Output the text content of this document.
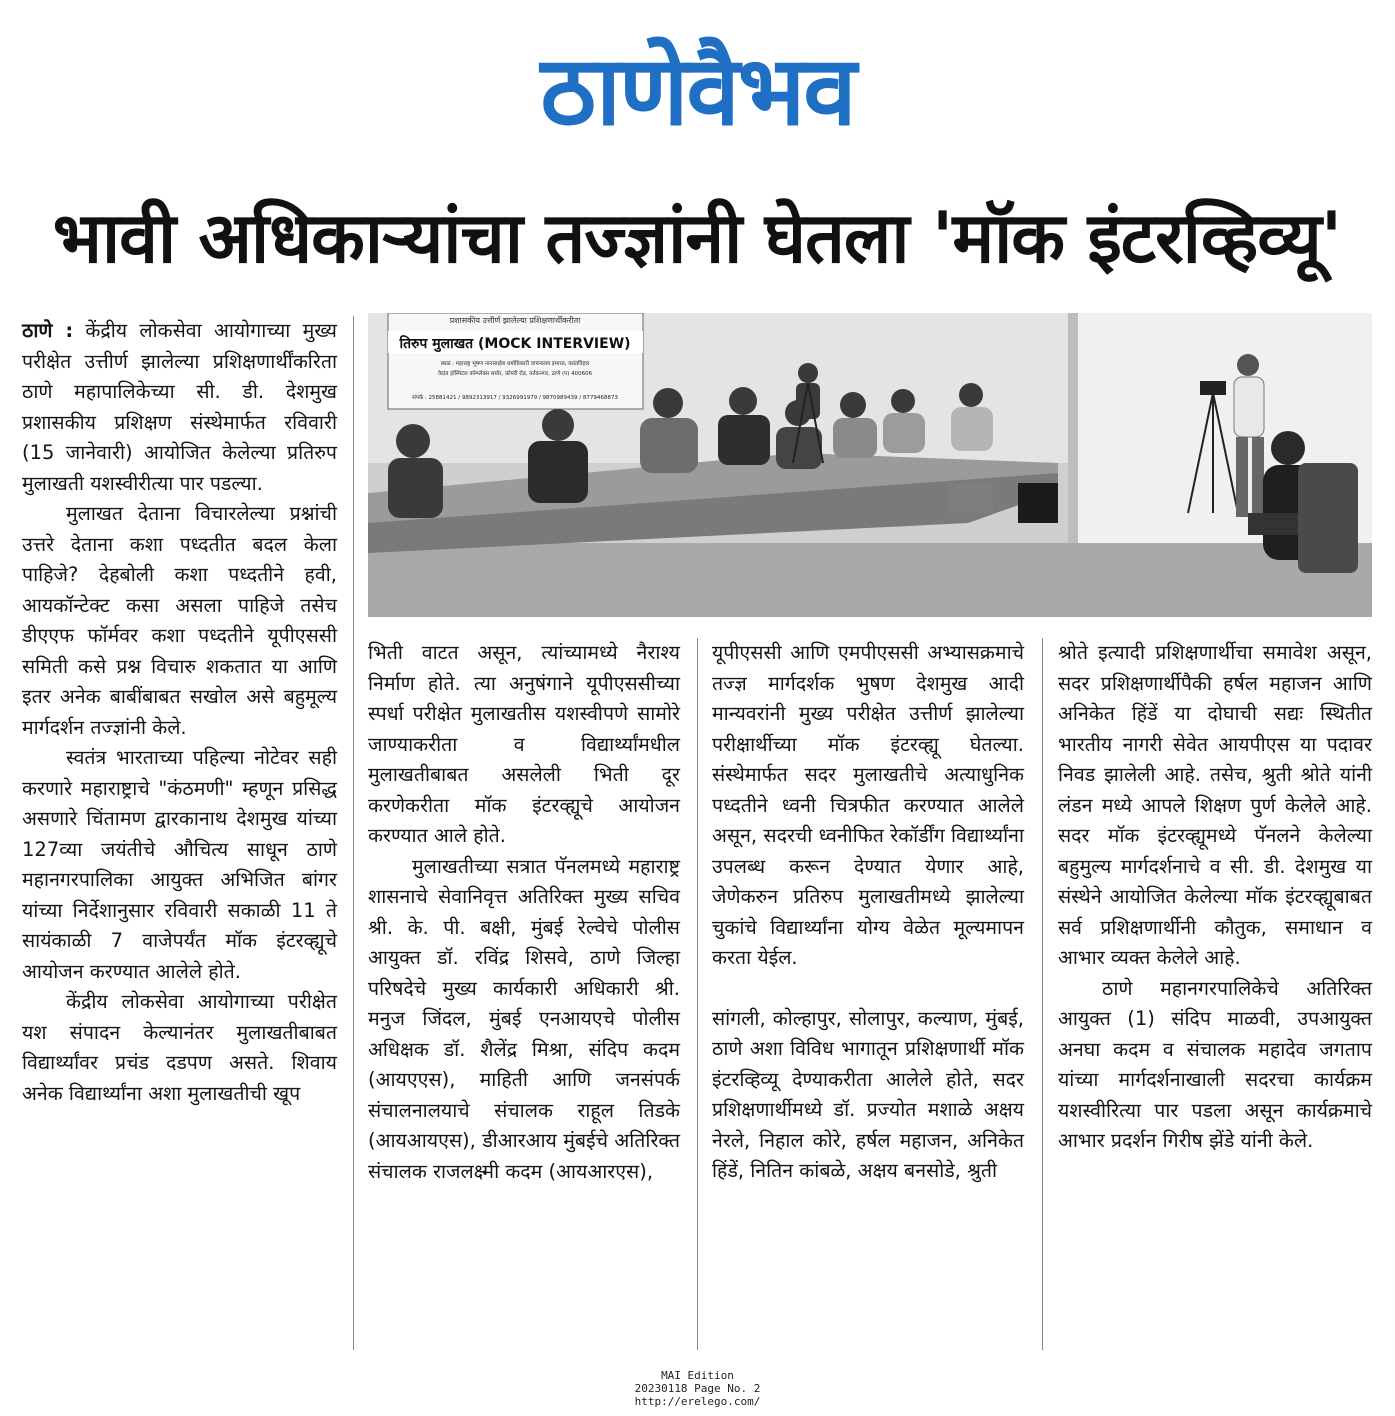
ठाणेवैभव
भावी अधिकाऱ्यांचा तज्ज्ञांनी घेतला 'मॉक इंटरव्हिव्यू'
प्रशासकीय उत्तीर्ण झालेल्या प्रशिक्षणार्थीकरीता
तिरुप मुलाखत (MOCK INTERVIEW)
स्थळ : महाराष्ट्र भूषण नानासाहेब धर्माधिकारी वाचनालय इमारत, वसंतविहार
वेदांत हॉस्पिटल कॉम्प्लेक्स समोर, कोपरी रोड, वर्तकनगर, ठाणे (प) 400606
संपर्क : 25881421 / 9892313917 / 9326991979 / 9870989439 / 8779468873

ठाणे : केंद्रीय लोकसेवा आयोगाच्या मुख्य परीक्षेत उत्तीर्ण झालेल्या प्रशिक्षणार्थींकरिता ठाणे महापालिकेच्या सी. डी. देशमुख प्रशासकीय प्रशिक्षण संस्थेमार्फत रविवारी (15 जानेवारी) आयोजित केलेल्या प्रतिरुप मुलाखती यशस्वीरीत्या पार पडल्या.

मुलाखत देताना विचारलेल्या प्रश्नांची उत्तरे देताना कशा पध्दतीत बदल केला पाहिजे? देहबोली कशा पध्दतीने हवी, आयकॉन्टेक्ट कसा असला पाहिजे तसेच डीएएफ फॉर्मवर कशा पध्दतीने यूपीएससी समिती कसे प्रश्न विचारु शकतात या आणि इतर अनेक बाबींबाबत सखोल असे बहुमूल्य मार्गदर्शन तज्ज्ञांनी केले.

स्वतंत्र भारताच्या पहिल्या नोटेवर सही करणारे महाराष्ट्राचे "कंठमणी" म्हणून प्रसिद्ध असणारे चिंतामण द्वारकानाथ देशमुख यांच्या 127व्या जयंतीचे औचित्य साधून ठाणे महानगरपालिका आयुक्त अभिजित बांगर यांच्या निर्देशानुसार रविवारी सकाळी 11 ते सायंकाळी 7 वाजेपर्यंत मॉक इंटरव्ह्यूचे आयोजन करण्यात आलेले होते.

केंद्रीय लोकसेवा आयोगाच्या परीक्षेत यश संपादन केल्यानंतर मुलाखतीबाबत विद्यार्थ्यांवर प्रचंड दडपण असते. शिवाय अनेक विद्यार्थ्यांना अशा मुलाखतीची खूप

भिती वाटत असून, त्यांच्यामध्ये नैराश्य निर्माण होते. त्या अनुषंगाने यूपीएससीच्या स्पर्धा परीक्षेत मुलाखतीस यशस्वीपणे सामोरे जाण्याकरीता व विद्यार्थ्यांमधील मुलाखतीबाबत असलेली भिती दूर करणेकरीता मॉक इंटरव्ह्यूचे आयोजन करण्यात आले होते.

मुलाखतीच्या सत्रात पॅनलमध्ये महाराष्ट्र शासनाचे सेवानिवृत्त अतिरिक्त मुख्य सचिव श्री. के. पी. बक्षी, मुंबई रेल्वेचे पोलीस आयुक्त डॉ. रविंद्र शिसवे, ठाणे जिल्हा परिषदेचे मुख्य कार्यकारी अधिकारी श्री. मनुज जिंदल, मुंबई एनआयएचे पोलीस अधिक्षक डॉ. शैलेंद्र मिश्रा, संदिप कदम (आयएएस), माहिती आणि जनसंपर्क संचालनालयाचे संचालक राहूल तिडके (आयआयएस), डीआरआय मुंबईचे अतिरिक्त संचालक राजलक्ष्मी कदम (आयआरएस),

यूपीएससी आणि एमपीएससी अभ्यासक्रमाचे तज्ज्ञ मार्गदर्शक भुषण देशमुख आदी मान्यवरांनी मुख्य परीक्षेत उत्तीर्ण झालेल्या परीक्षार्थीच्या मॉक इंटरव्ह्यू घेतल्या. संस्थेमार्फत सदर मुलाखतीचे अत्याधुनिक पध्दतीने ध्वनी चित्रफीत करण्यात आलेले असून, सदरची ध्वनीफित रेकॉर्डींग विद्यार्थ्यांना उपलब्ध करून देण्यात येणार आहे, जेणेकरुन प्रतिरुप मुलाखतीमध्ये झालेल्या चुकांचे विद्यार्थ्यांना योग्य वेळेत मूल्यमापन करता येईल.

सांगली, कोल्हापुर, सोलापुर, कल्याण, मुंबई, ठाणे अशा विविध भागातून प्रशिक्षणार्थी मॉक इंटरव्हिव्यू देण्याकरीता आलेले होते, सदर प्रशिक्षणार्थीमध्ये डॉ. प्रज्योत मशाळे अक्षय नेरले, निहाल कोरे, हर्षल महाजन, अनिकेत हिंडें, नितिन कांबळे, अक्षय बनसोडे, श्रुती

श्रोते इत्यादी प्रशिक्षणार्थीचा समावेश असून, सदर प्रशिक्षणार्थीपैकी हर्षल महाजन आणि अनिकेत हिंडें या दोघाची सद्यः स्थितीत भारतीय नागरी सेवेत आयपीएस या पदावर निवड झालेली आहे. तसेच, श्रुती श्रोते यांनी लंडन मध्ये आपले शिक्षण पुर्ण केलेले आहे. सदर मॉक इंटरव्ह्यूमध्ये पॅनलने केलेल्या बहुमुल्य मार्गदर्शनाचे व सी. डी. देशमुख या संस्थेने आयोजित केलेल्या मॉक इंटरव्ह्यूबाबत सर्व प्रशिक्षणार्थीनी कौतुक, समाधान व आभार व्यक्त केलेले आहे.

ठाणे महानगरपालिकेचे अतिरिक्त आयुक्त (1) संदिप माळवी, उपआयुक्त अनघा कदम व संचालक महादेव जगताप यांच्या मार्गदर्शनाखाली सदरचा कार्यक्रम यशस्वीरित्या पार पडला असून कार्यक्रमाचे आभार प्रदर्शन गिरीष झेंडे यांनी केले.

MAI Edition
20230118 Page No. 2
http://erelego.com/
